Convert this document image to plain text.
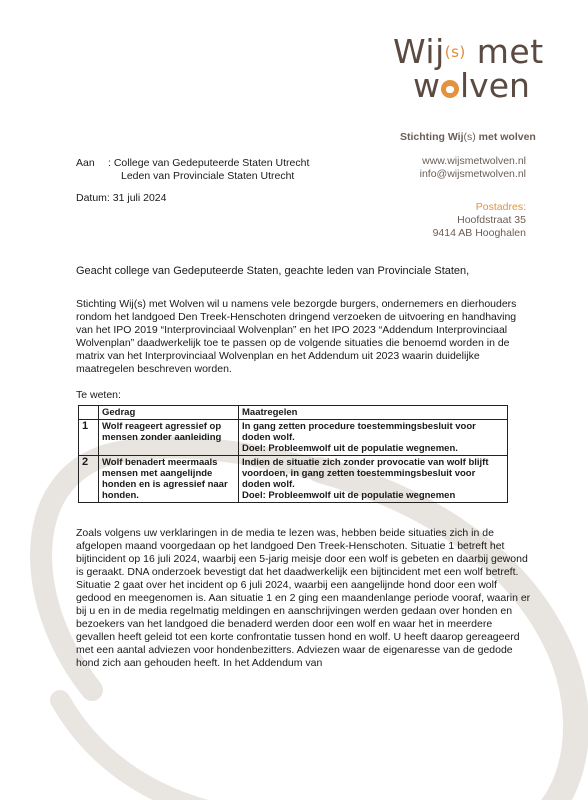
Wij(s) met
w lven
Stichting Wij(s) met wolven
www.wijsmetwolven.nl
info@wijsmetwolven.nl
Postadres:
Hoofdstraat 35
9414 AB Hooghalen
Aan : College van Gedeputeerde Staten Utrecht
Leden van Provinciale Staten Utrecht
Datum: 31 juli 2024
Geacht college van Gedeputeerde Staten, geachte leden van Provinciale Staten,
Stichting Wij(s) met Wolven wil u namens vele bezorgde burgers, ondernemers en dierhouders rondom het landgoed Den Treek-Henschoten dringend verzoeken de uitvoering en handhaving van het IPO 2019 “Interprovinciaal Wolvenplan” en het IPO 2023 “Addendum Interprovinciaal Wolvenplan” daadwerkelijk toe te passen op de volgende situaties die benoemd worden in de matrix van het Interprovinciaal Wolvenplan en het Addendum uit 2023 waarin duidelijke maatregelen beschreven worden.
Te weten:
	Gedrag	Maatregelen
1	Wolf reageert agressief op mensen zonder aanleiding	In gang zetten procedure toestemmingsbesluit voor doden wolf.
Doel: Probleemwolf uit de populatie wegnemen.

2	Wolf benadert meermaals mensen met aangelijnde honden en is agressief naar honden.	Indien de situatie zich zonder provocatie van wolf blijft voordoen, in gang zetten toestemmingsbesluit voor doden wolf.
Doel: Probleemwolf uit de populatie wegnemen
Zoals volgens uw verklaringen in de media te lezen was, hebben beide situaties zich in de afgelopen maand voorgedaan op het landgoed Den Treek-Henschoten. Situatie 1 betreft het bijtincident op 16 juli 2024, waarbij een 5-jarig meisje door een wolf is gebeten en daarbij gewond is geraakt. DNA onderzoek bevestigt dat het daadwerkelijk een bijtincident met een wolf betreft. Situatie 2 gaat over het incident op 6 juli 2024, waarbij een aangelijnde hond door een wolf gedood en meegenomen is. Aan situatie 1 en 2 ging een maandenlange periode vooraf, waarin er bij u en in de media regelmatig meldingen en aanschrijvingen werden gedaan over honden en bezoekers van het landgoed die benaderd werden door een wolf en waar het in meerdere gevallen heeft geleid tot een korte confrontatie tussen hond en wolf. U heeft daarop gereageerd met een aantal adviezen voor hondenbezitters. Adviezen waar de eigenaresse van de gedode hond zich aan gehouden heeft. In het Addendum van
